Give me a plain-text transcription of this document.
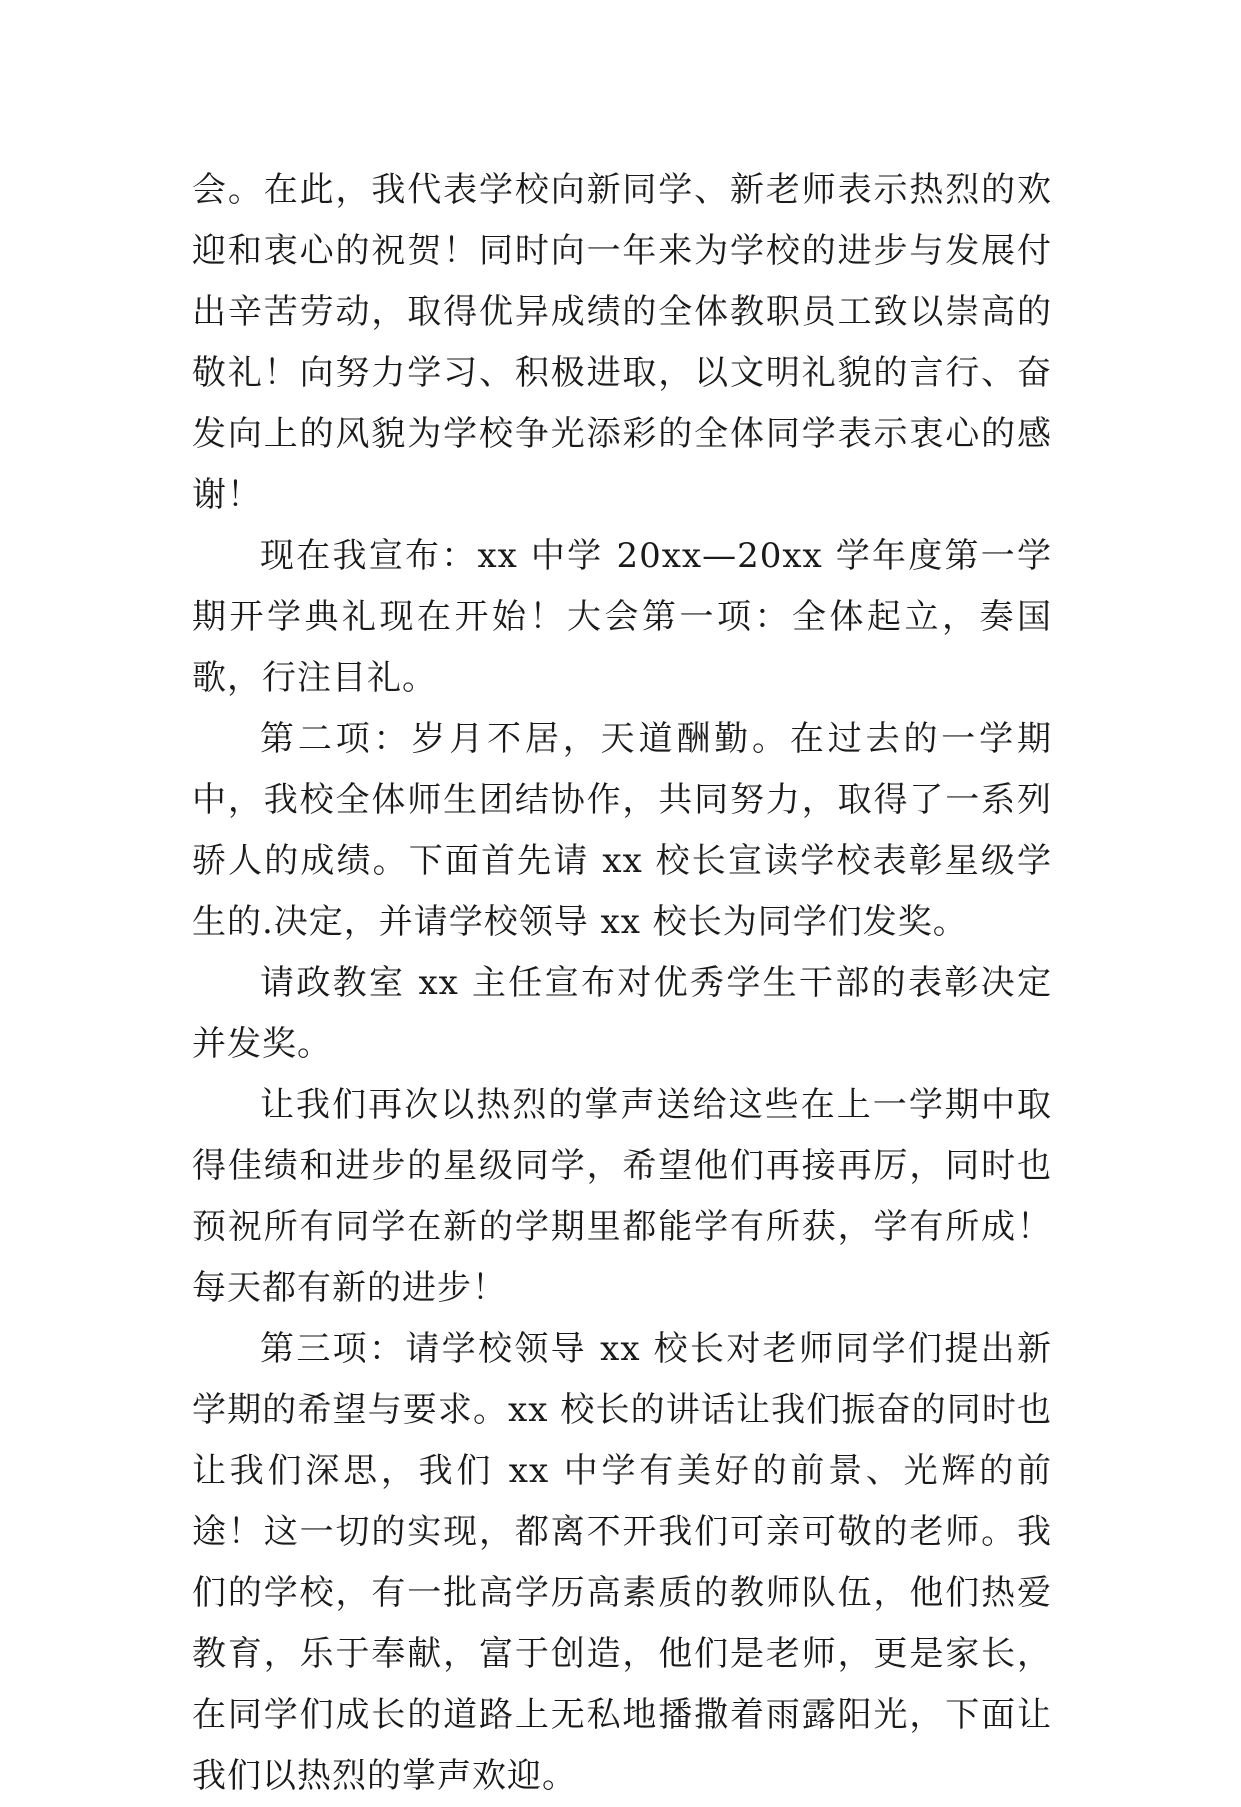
会。在此，我代表学校向新同学、新老师表示热烈的欢迎和衷心的祝贺！同时向一年来为学校的进步与发展付出辛苦劳动，取得优异成绩的全体教职员工致以崇高的敬礼！向努力学习、积极进取，以文明礼貌的言行、奋发向上的风貌为学校争光添彩的全体同学表示衷心的感谢！

现在我宣布：xx 中学 20xx—20xx 学年度第一学期开学典礼现在开始！大会第一项：全体起立，奏国歌，行注目礼。

第二项：岁月不居，天道酬勤。在过去的一学期中，我校全体师生团结协作，共同努力，取得了一系列骄人的成绩。下面首先请 xx 校长宣读学校表彰星级学生的.决定，并请学校领导 xx 校长为同学们发奖。

请政教室 xx 主任宣布对优秀学生干部的表彰决定并发奖。

让我们再次以热烈的掌声送给这些在上一学期中取得佳绩和进步的星级同学，希望他们再接再厉，同时也预祝所有同学在新的学期里都能学有所获，学有所成！每天都有新的进步！

第三项：请学校领导 xx 校长对老师同学们提出新学期的希望与要求。xx 校长的讲话让我们振奋的同时也让我们深思，我们 xx 中学有美好的前景、光辉的前途！这一切的实现，都离不开我们可亲可敬的老师。我们的学校，有一批高学历高素质的教师队伍，他们热爱教育，乐于奉献，富于创造，他们是老师，更是家长，在同学们成长的道路上无私地播撒着雨露阳光，下面让我们以热烈的掌声欢迎。
